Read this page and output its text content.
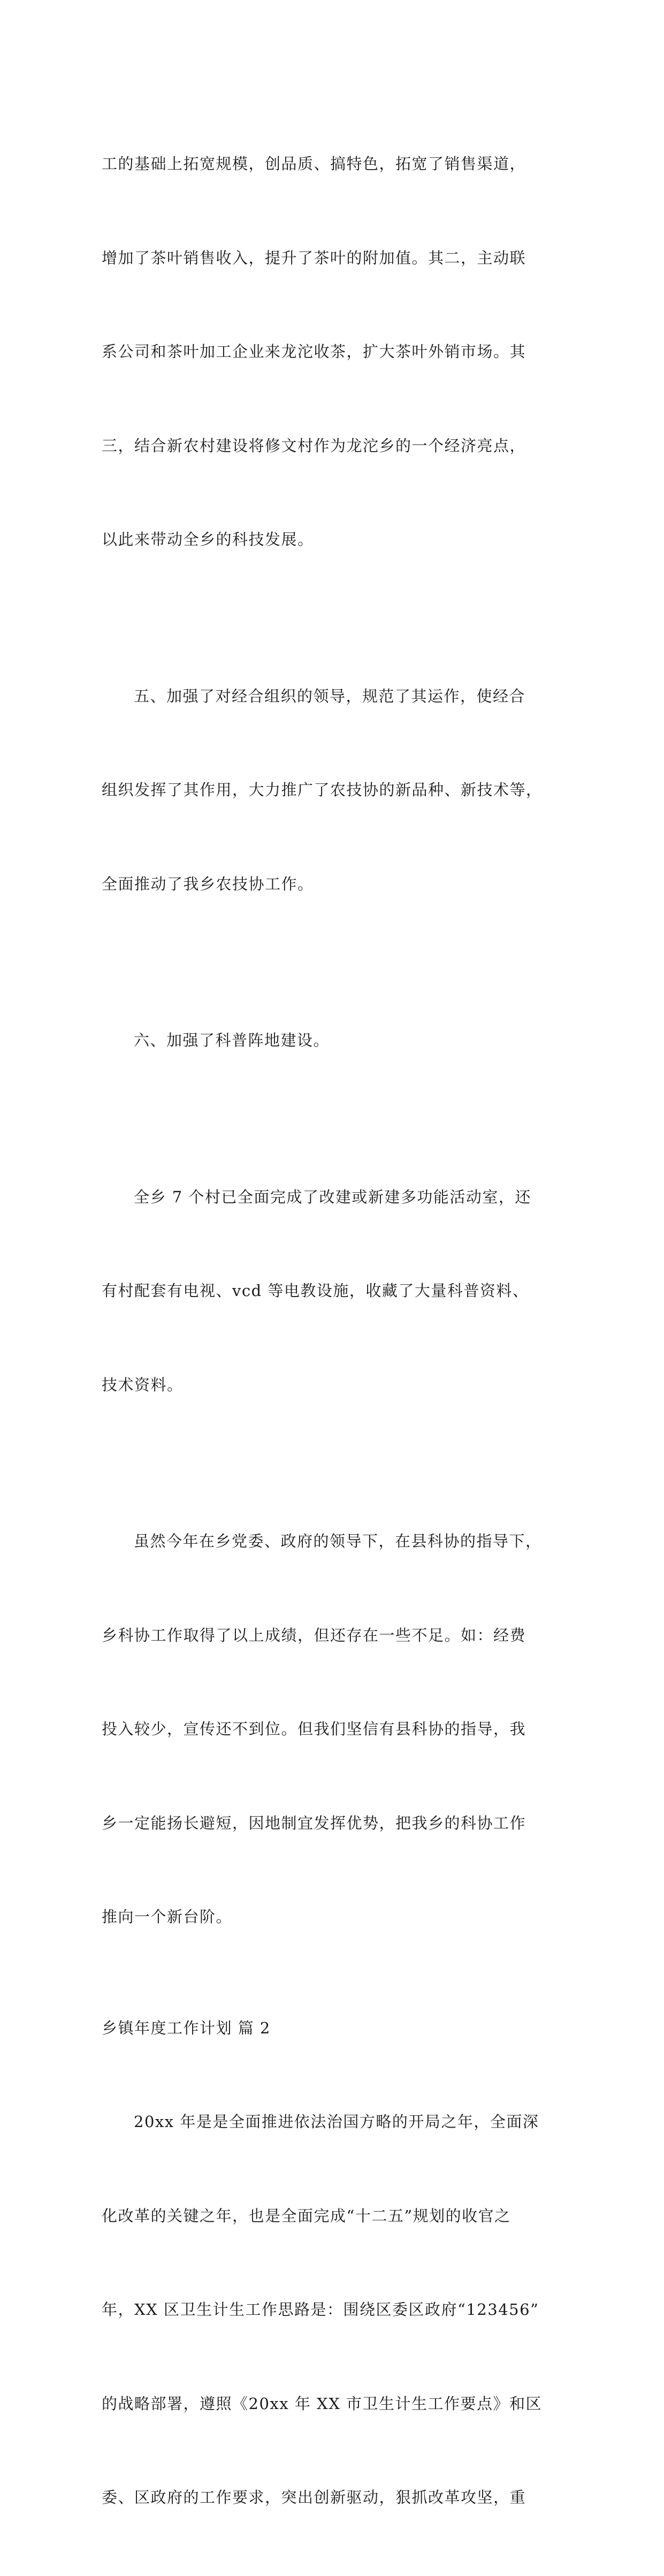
工的基础上拓宽规模，创品质、搞特色，拓宽了销售渠道，

增加了茶叶销售收入，提升了茶叶的附加值。其二，主动联

系公司和茶叶加工企业来龙沱收茶，扩大茶叶外销市场。其

三，结合新农村建设将修文村作为龙沱乡的一个经济亮点，

以此来带动全乡的科技发展。

五、加强了对经合组织的领导，规范了其运作，使经合

组织发挥了其作用，大力推广了农技协的新品种、新技术等，

全面推动了我乡农技协工作。

六、加强了科普阵地建设。

全乡 7 个村已全面完成了改建或新建多功能活动室，还

有村配套有电视、vcd 等电教设施，收藏了大量科普资料、

技术资料。

虽然今年在乡党委、政府的领导下，在县科协的指导下，

乡科协工作取得了以上成绩，但还存在一些不足。如：经费

投入较少，宣传还不到位。但我们坚信有县科协的指导，我

乡一定能扬长避短，因地制宜发挥优势，把我乡的科协工作

推向一个新台阶。

乡镇年度工作计划 篇 2

20xx 年是是全面推进依法治国方略的开局之年，全面深

化改革的关键之年，也是全面完成“十二五”规划的收官之

年，XX 区卫生计生工作思路是：围绕区委区政府“123456”

的战略部署，遵照《20xx 年 XX 市卫生计生工作要点》和区

委、区政府的工作要求，突出创新驱动，狠抓改革攻坚，重
